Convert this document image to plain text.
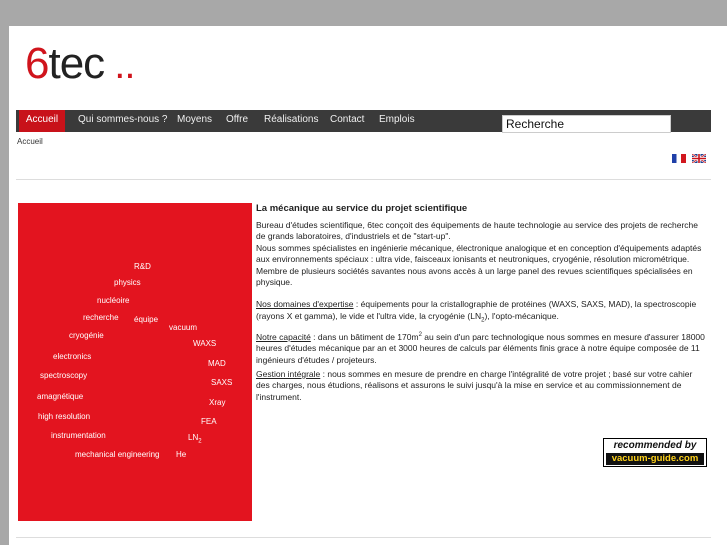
6tec ..
Accueil	Qui sommes-nous ? Moyens Offre Réalisations Contact Emplois	Recherche
Accueil
R&D
physics
nucléoire
recherche équipe
cryogénie
vacuum
WAXS
electronics
MAD
spectroscopy
SAXS
amagnétique
Xray
high resolution
FEA
instrumentation	$LN_2$
mechanical engineering He
La mécanique au service du projet scientifique

Bureau d'études scientifique, 6tec conçoit des équipements de haute technologie au service des projets de recherche de grands laboratoires, d'industriels et de "start-up".

Nous sommes spécialistes en ingénierie mécanique, électronique analogique et en conception d'équipements adaptés aux environnements spéciaux : ultra vide, faisceaux ionisants et neutroniques, cryogénie, résolution micrométrique.

Membre de plusieurs sociétés savantes nous avons accès à un large panel des revues scientifiques spécialisées en physique.

Nos domaines d'expertise : équipements pour la cristallographie de protéines (WAXS, SAXS, MAD), la spectroscopie (rayons X et gamma), le vide et l'ultra vide, la cryogénie $(LN_2)$, l'opto-mécanique.

Notre capacité : dans un bâtiment de $170m^2$ au sein d'un parc technologique nous sommes en mesure d'assurer 18000 heures d'études mécanique par an et 3000 heures de calculs par éléments finis grace à notre équipe composée de 11 ingénieurs d'études / projeteurs.

Gestion intégrale : nous sommes en mesure de prendre en charge l'intégralité de votre projet ; basé sur votre cahier des charges, nous étudions, réalisons et assurons le suivi jusqu'à la mise en service et au commissionnement de l'instrument.

recommended by
vacuum-guide.com
